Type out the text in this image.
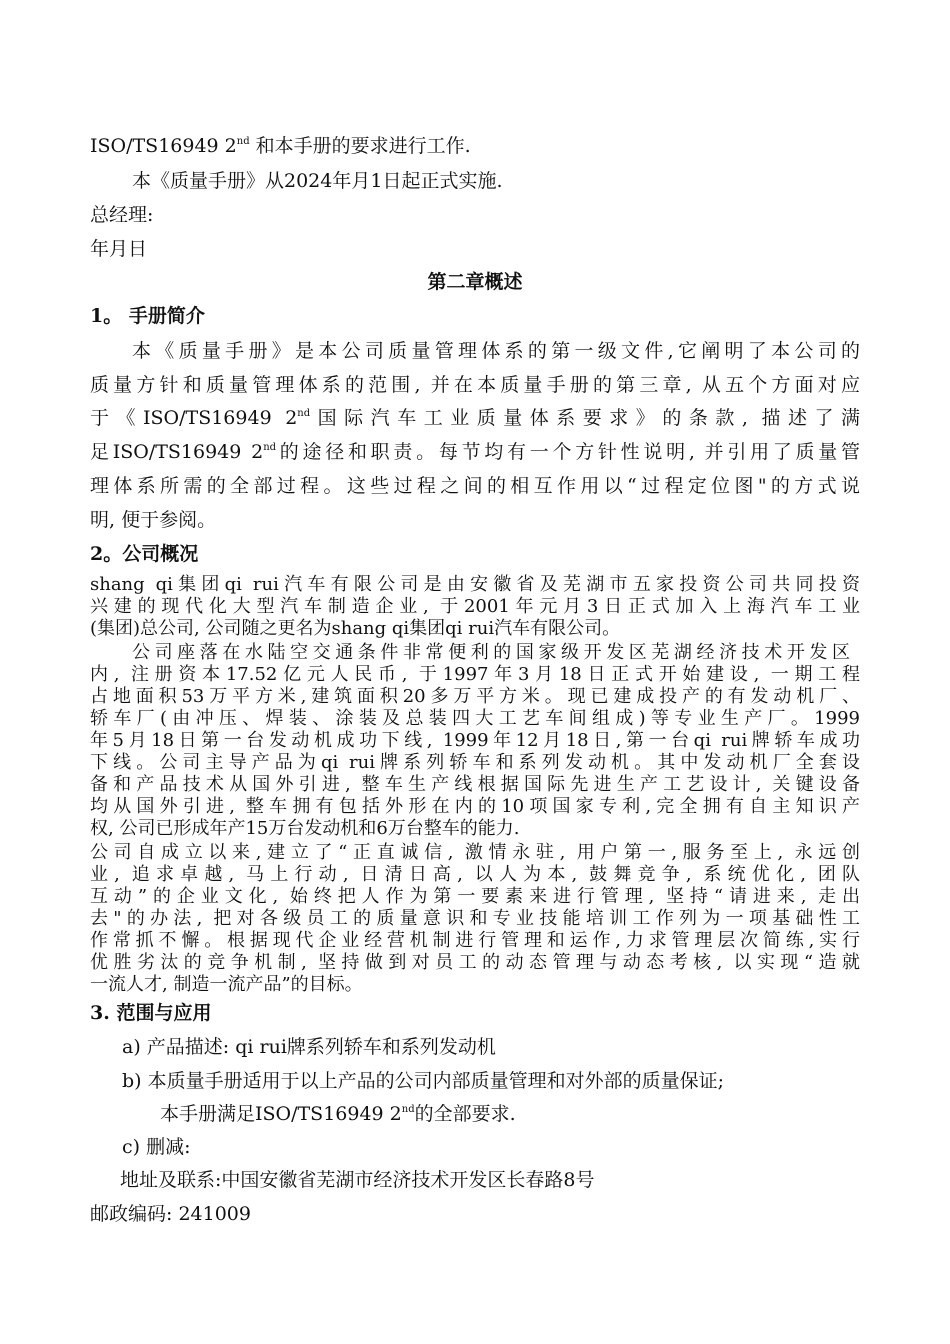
ISO/TS16949 2nd 和本手册的要求进行工作.
本《质量手册》从2024年月1日起正式实施.
总经理:
年月日
第二章概述
1。 手册简介
本《质量手册》是本公司质量管理体系的第一级文件,它阐明了本公司的
质量方针和质量管理体系的范围, 并在本质量手册的第三章, 从五个方面对应
于《ISO/TS16949 2nd国际汽车工业质量体系要求》的条款, 描述了满
足ISO/TS16949 2nd的途径和职责。每节均有一个方针性说明, 并引用了质量管
理体系所需的全部过程。这些过程之间的相互作用以“过程定位图"的方式说
明, 便于参阅。
2。公司概况
shang qi集团qi rui汽车有限公司是由安徽省及芜湖市五家投资公司共同投资
兴建的现代化大型汽车制造企业, 于2001年元月3日正式加入上海汽车工业
(集团)总公司, 公司随之更名为shang qi集团qi rui汽车有限公司。
公司座落在水陆空交通条件非常便利的国家级开发区芜湖经济技术开发区
内, 注册资本17.52亿元人民币, 于1997年3月18日正式开始建设, 一期工程
占地面积53万平方米,建筑面积20多万平方米。现已建成投产的有发动机厂、
轿车厂(由冲压、焊装、涂装及总装四大工艺车间组成)等专业生产厂。1999
年5月18日第一台发动机成功下线, 1999年12月18日,第一台qi rui牌轿车成功
下线。公司主导产品为qi rui牌系列轿车和系列发动机。其中发动机厂全套设
备和产品技术从国外引进, 整车生产线根据国际先进生产工艺设计, 关键设备
均从国外引进, 整车拥有包括外形在内的10项国家专利,完全拥有自主知识产
权, 公司已形成年产15万台发动机和6万台整车的能力.
公司自成立以来,建立了“正直诚信, 激情永驻, 用户第一,服务至上, 永远创
业, 追求卓越, 马上行动, 日清日高, 以人为本, 鼓舞竞争, 系统优化, 团队
互动”的企业文化, 始终把人作为第一要素来进行管理, 坚持“请进来, 走出
去"的办法, 把对各级员工的质量意识和专业技能培训工作列为一项基础性工
作常抓不懈。根据现代企业经营机制进行管理和运作,力求管理层次简练,实行
优胜劣汰的竞争机制, 坚持做到对员工的动态管理与动态考核, 以实现“造就
一流人才, 制造一流产品”的目标。
3. 范围与应用
a) 产品描述: qi rui牌系列轿车和系列发动机
b) 本质量手册适用于以上产品的公司内部质量管理和对外部的质量保证;
本手册满足ISO/TS16949 2nd的全部要求.
c) 删减:
地址及联系:中国安徽省芜湖市经济技术开发区长春路8号
邮政编码: 241009
